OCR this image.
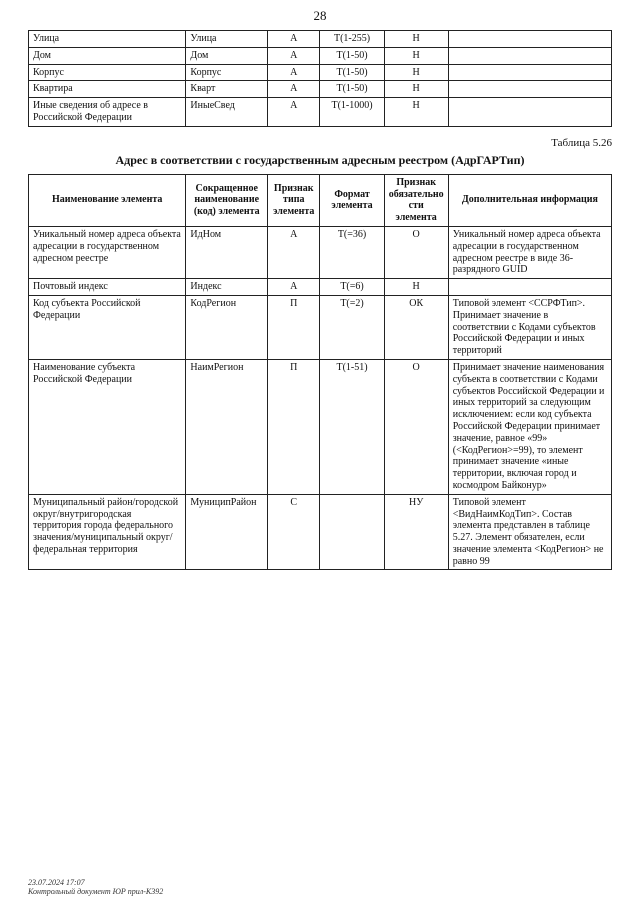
28
Улица	Улица	А	T(1-255)	Н	
Дом	Дом	А	T(1-50)	Н	
Корпус	Корпус	А	T(1-50)	Н	
Квартира	Кварт	А	T(1-50)	Н	
Иные сведения об адресе в Российской Федерации	ИныеСвед	А	T(1-1000)	Н	
Таблица 5.26
Адрес в соответствии с государственным адресным реестром (АдрГАРТип)
Наименование элемента	Сокращенное наименование (код) элемента	Признак типа элемента	Формат элемента	Признак обязательности элемента	Дополнительная информация
Уникальный номер адреса объекта адресации в государственном адресном реестре	ИдНом	А	T(=36)	О	Уникальный номер адреса объекта адресации в государственном адресном реестре в виде 36-разрядного GUID
Почтовый индекс	Индекс	А	T(=6)	Н	
Код субъекта Российской Федерации	КодРегион	П	T(=2)	ОК	Типовой элемент <ССРФТип>. Принимает значение в соответствии с Кодами субъектов Российской Федерации и иных территорий
Наименование субъекта Российской Федерации	НаимРегион	П	T(1-51)	О	Принимает значение наименования субъекта в соответствии с Кодами субъектов Российской Федерации и иных территорий за следующим исключением: если код субъекта Российской Федерации принимает значение, равное «99» (<КодРегион>=99), то элемент принимает значение «иные территории, включая город и космодром Байконур»
Муниципальный район/городской округ/внутригородская территория города федерального значения/муниципальный округ/федеральная территория	МуниципРайон	С		НУ	Типовой элемент <ВидНаимКодТип>. Состав элемента представлен в таблице 5.27. Элемент обязателен, если значение элемента <КодРегион> не равно 99
23.07.2024 17:07
Контрольный документ ЮР прил-К392
